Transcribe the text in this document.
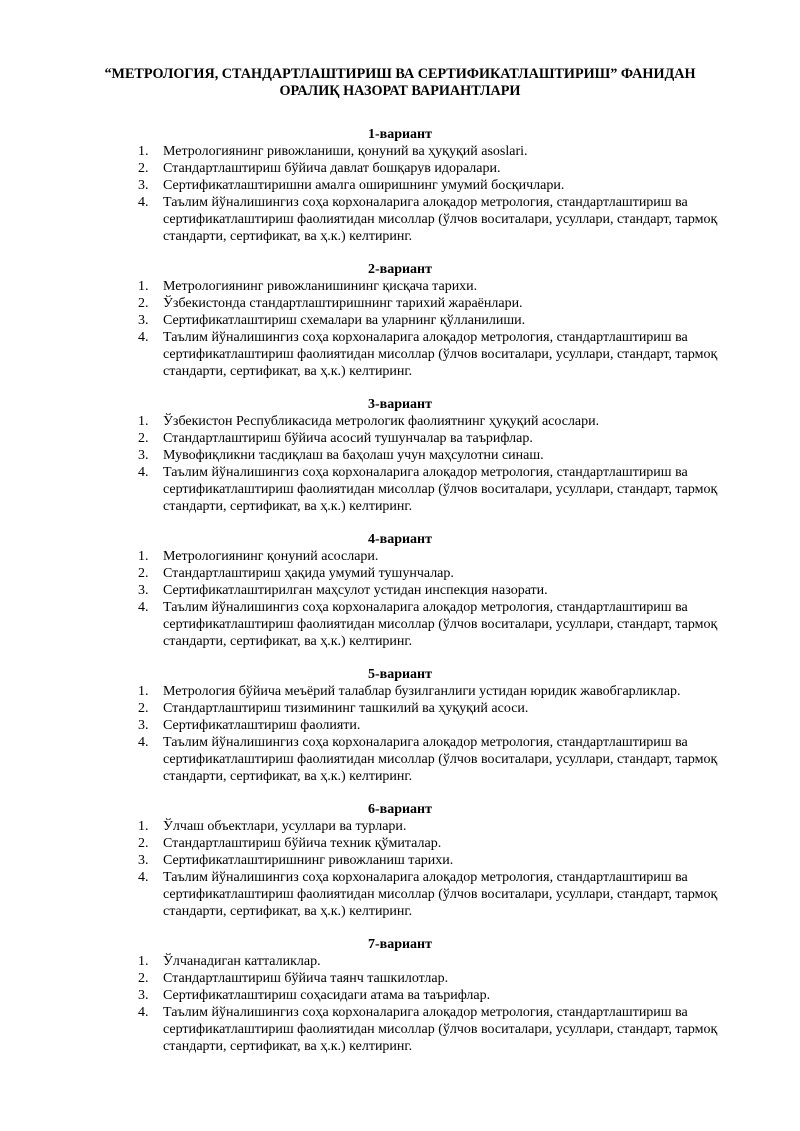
“МЕТРОЛОГИЯ, СТАНДАРТЛАШТИРИШ ВА СЕРТИФИКАТЛАШТИРИШ” ФАНИДАН
ОРАЛИҚ НАЗОРАТ ВАРИАНТЛАРИ
1-вариант
1. Метрологиянинг ривожланиши, қонуний ва ҳуқуқий asoslari.
2. Стандартлаштириш бўйича давлат бошқарув идоралари.
3. Сертификатлаштиришни амалга оширишнинг умумий босқичлари.
4. Таълим йўналишингиз соҳа корхоналарига алоқадор метрология, стандартлаштириш ва сертификатлаштириш фаолиятидан мисоллар (ўлчов воситалари, усуллари, стандарт, тармоқ стандарти, сертификат, ва ҳ.к.) келтиринг.
2-вариант
1. Метрологиянинг ривожланишининг қисқача тарихи.
2. Ўзбекистонда стандартлаштиришнинг тарихий жараёнлари.
3. Сертификатлаштириш схемалари ва уларнинг қўлланилиши.
4. Таълим йўналишингиз соҳа корхоналарига алоқадор метрология, стандартлаштириш ва сертификатлаштириш фаолиятидан мисоллар (ўлчов воситалари, усуллари, стандарт, тармоқ стандарти, сертификат, ва ҳ.к.) келтиринг.
3-вариант
1. Ўзбекистон Республикасида метрологик фаолиятнинг ҳуқуқий асослари.
2. Стандартлаштириш бўйича асосий тушунчалар ва таърифлар.
3. Мувофиқликни тасдиқлаш ва баҳолаш учун маҳсулотни синаш.
4. Таълим йўналишингиз соҳа корхоналарига алоқадор метрология, стандартлаштириш ва сертификатлаштириш фаолиятидан мисоллар (ўлчов воситалари, усуллари, стандарт, тармоқ стандарти, сертификат, ва ҳ.к.) келтиринг.
4-вариант
1. Метрологиянинг қонуний асослари.
2. Стандартлаштириш ҳақида умумий тушунчалар.
3. Сертификатлаштирилган маҳсулот устидан инспекция назорати.
4. Таълим йўналишингиз соҳа корхоналарига алоқадор метрология, стандартлаштириш ва сертификатлаштириш фаолиятидан мисоллар (ўлчов воситалари, усуллари, стандарт, тармоқ стандарти, сертификат, ва ҳ.к.) келтиринг.
5-вариант
1. Метрология бўйича меъёрий талаблар бузилганлиги устидан юридик жавобгарликлар.
2. Стандартлаштириш тизимининг ташкилий ва ҳуқуқий асоси.
3. Сертификатлаштириш фаолияти.
4. Таълим йўналишингиз соҳа корхоналарига алоқадор метрология, стандартлаштириш ва сертификатлаштириш фаолиятидан мисоллар (ўлчов воситалари, усуллари, стандарт, тармоқ стандарти, сертификат, ва ҳ.к.) келтиринг.
6-вариант
1. Ўлчаш объектлари, усуллари ва турлари.
2. Стандартлаштириш бўйича техник қўмиталар.
3. Сертификатлаштиришнинг ривожланиш тарихи.
4. Таълим йўналишингиз соҳа корхоналарига алоқадор метрология, стандартлаштириш ва сертификатлаштириш фаолиятидан мисоллар (ўлчов воситалари, усуллари, стандарт, тармоқ стандарти, сертификат, ва ҳ.к.) келтиринг.
7-вариант
1. Ўлчанадиган катталиклар.
2. Стандартлаштириш бўйича таянч ташкилотлар.
3. Сертификатлаштириш соҳасидаги атама ва таърифлар.
4. Таълим йўналишингиз соҳа корхоналарига алоқадор метрология, стандартлаштириш ва сертификатлаштириш фаолиятидан мисоллар (ўлчов воситалари, усуллари, стандарт, тармоқ стандарти, сертификат, ва ҳ.к.) келтиринг.
